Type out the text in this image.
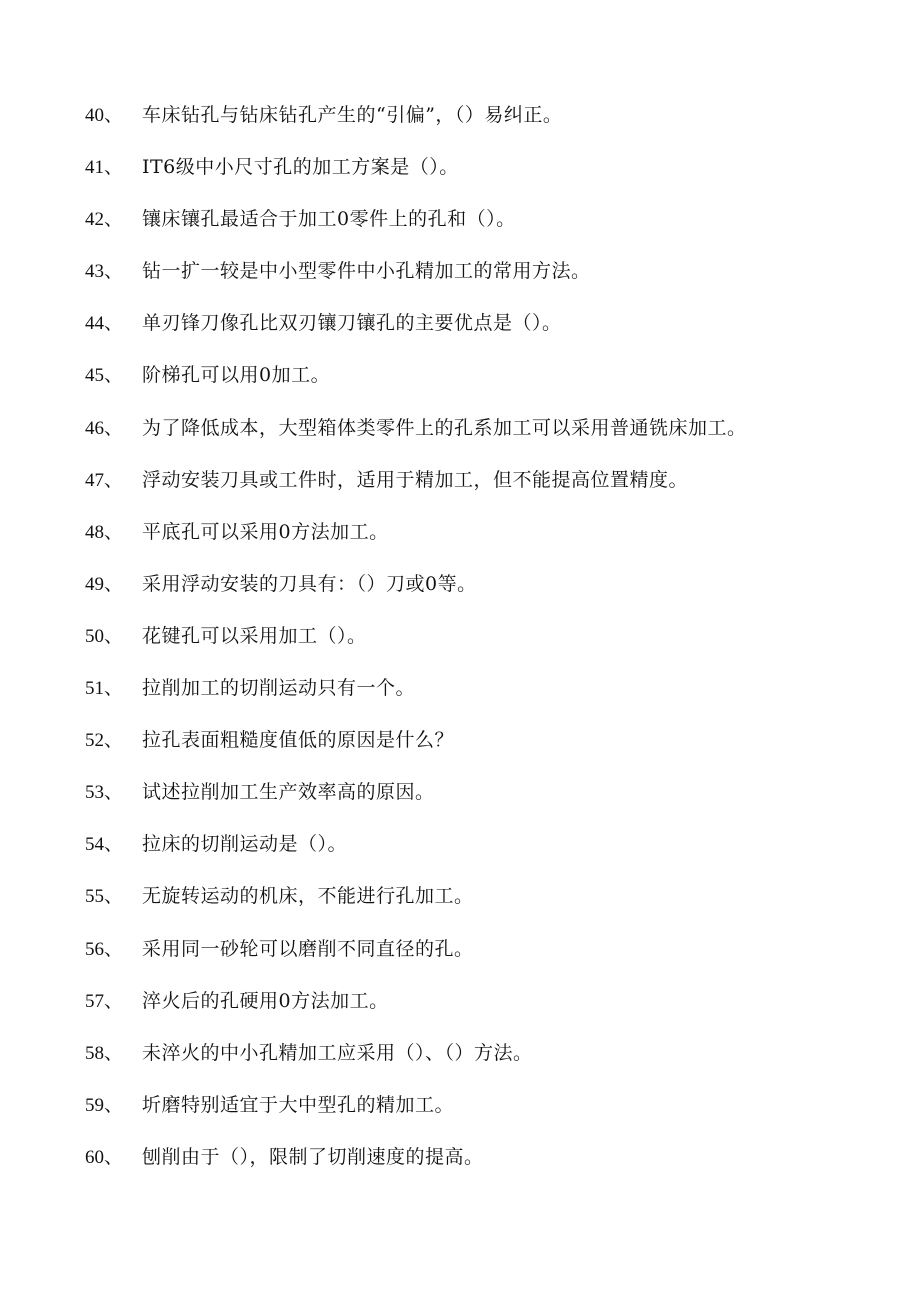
40、 车床钻孔与钻床钻孔产生的“引偏”，（）易纠正。
41、 IT6级中小尺寸孔的加工方案是（）。
42、 镶床镶孔最适合于加工0零件上的孔和（）。
43、 钻一扩一较是中小型零件中小孔精加工的常用方法。
44、 单刃锋刀像孔比双刃镶刀镶孔的主要优点是（）。
45、 阶梯孔可以用0加工。
46、 为了降低成本，大型箱体类零件上的孔系加工可以采用普通铣床加工。
47、 浮动安装刀具或工件时，适用于精加工，但不能提高位置精度。
48、 平底孔可以采用0方法加工。
49、 采用浮动安装的刀具有：（）刀或0等。
50、 花键孔可以采用加工（）。
51、 拉削加工的切削运动只有一个。
52、 拉孔表面粗糙度值低的原因是什么？
53、 试述拉削加工生产效率高的原因。
54、 拉床的切削运动是（）。
55、 无旋转运动的机床，不能进行孔加工。
56、 采用同一砂轮可以磨削不同直径的孔。
57、 淬火后的孔硬用0方法加工。
58、 未淬火的中小孔精加工应采用（）、（）方法。
59、 圻磨特别适宜于大中型孔的精加工。
60、 刨削由于（），限制了切削速度的提高。
